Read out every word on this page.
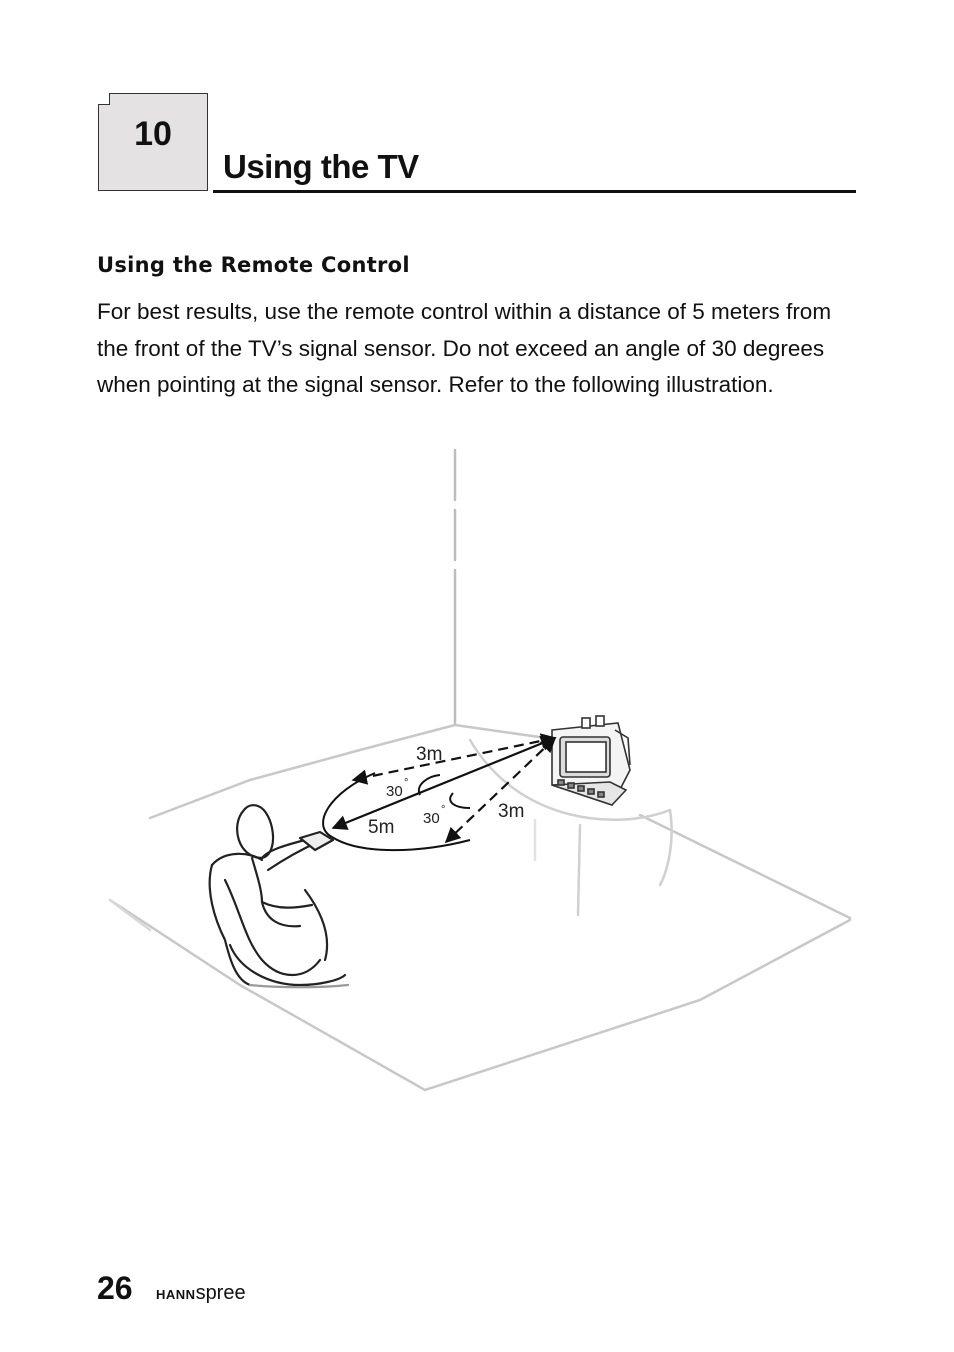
10
Using the TV
Using the Remote Control
For best results, use the remote control within a distance of 5 meters from the front of the TV’s signal sensor. Do not exceed an angle of 30 degrees when pointing at the signal sensor. Refer to the following illustration.
3m
5m
3m
30 °
30 °
26 HANNspree
